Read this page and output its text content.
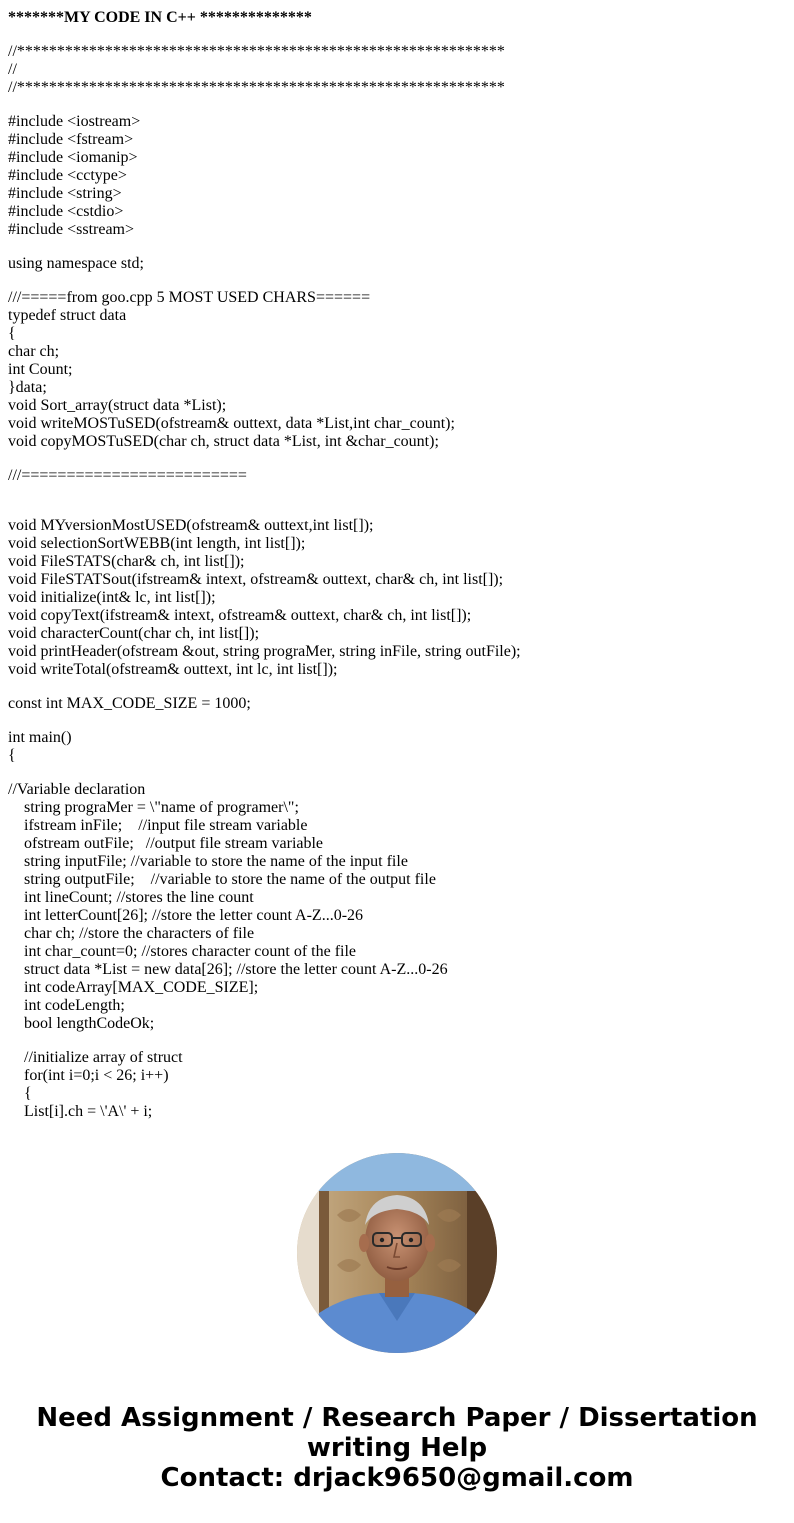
*******MY CODE IN C++ **************
//*************************************************************
//
//*************************************************************
#include <iostream>
#include <fstream>
#include <iomanip>
#include <cctype>
#include <string>
#include <cstdio>
#include <sstream>
using namespace std;
///=====from goo.cpp 5 MOST USED CHARS======
typedef struct data
{
char ch;
int Count;
}data;
void Sort_array(struct data *List);
void writeMOSTuSED(ofstream& outtext, data *List,int char_count);
void copyMOSTuSED(char ch, struct data *List, int &char_count);
///=========================
void MYversionMostUSED(ofstream& outtext,int list[]);
void selectionSortWEBB(int length, int list[]);
void FileSTATS(char& ch, int list[]);
void FileSTATSout(ifstream& intext, ofstream& outtext, char& ch, int list[]);
void initialize(int& lc, int list[]);
void copyText(ifstream& intext, ofstream& outtext, char& ch, int list[]);
void characterCount(char ch, int list[]);
void printHeader(ofstream &out, string prograMer, string inFile, string outFile);
void writeTotal(ofstream& outtext, int lc, int list[]);
const int MAX_CODE_SIZE = 1000;
int main()
{
//Variable declaration
string prograMer = \"name of programer\";
ifstream inFile;    //input file stream variable
ofstream outFile;   //output file stream variable
string inputFile; //variable to store the name of the input file
string outputFile;    //variable to store the name of the output file
int lineCount; //stores the line count
int letterCount[26]; //store the letter count A-Z...0-26
char ch; //store the characters of file
int char_count=0; //stores character count of the file
struct data *List = new data[26]; //store the letter count A-Z...0-26
int codeArray[MAX_CODE_SIZE];
int codeLength;
bool lengthCodeOk;
//initialize array of struct
for(int i=0;i < 26; i++)
{
List[i].ch = \'A\' + i;
Need Assignment / Research Paper / Dissertation
writing Help
Contact: drjack9650@gmail.com
